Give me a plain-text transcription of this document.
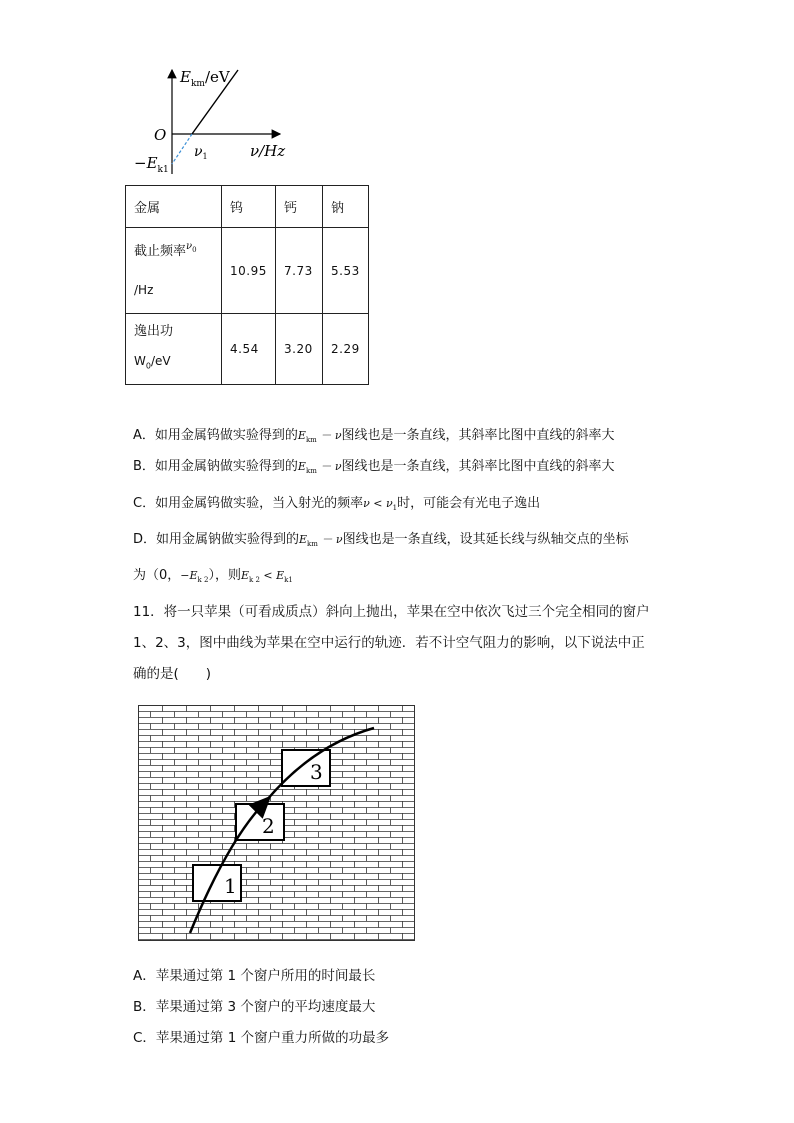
$E_{km}/eV$
O
$\nu_1$	ν/Hz
$-E_{k1}$
金属	钨	钙	钠

截止频率$^{\nu_0}$
/Hz	10.95	7.73	5.53

逸出功
$W_0/eV$	4.54	3.20	2.29
A．如用金属钨做实验得到的$E_{km} - \nu$图线也是一条直线，其斜率比图中直线的斜率大
B．如用金属钠做实验得到的$E_{km} - \nu$图线也是一条直线，其斜率比图中直线的斜率大
C．如用金属钨做实验，当入射光的频率$\nu < \nu_1$时，可能会有光电子逸出
D．如用金属钠做实验得到的$E_{km} - \nu$图线也是一条直线，设其延长线与纵轴交点的坐标
为（0，$-E_{k 2}$），则$E_{k 2} < E_{k1}$
11．将一只苹果（可看成质点）斜向上抛出，苹果在空中依次飞过三个完全相同的窗户
1、2、3，图中曲线为苹果在空中运行的轨迹．若不计空气阻力的影响，以下说法中正
确的是(　　)
1
2
3
A．苹果通过第 1 个窗户所用的时间最长
B．苹果通过第 3 个窗户的平均速度最大
C．苹果通过第 1 个窗户重力所做的功最多
